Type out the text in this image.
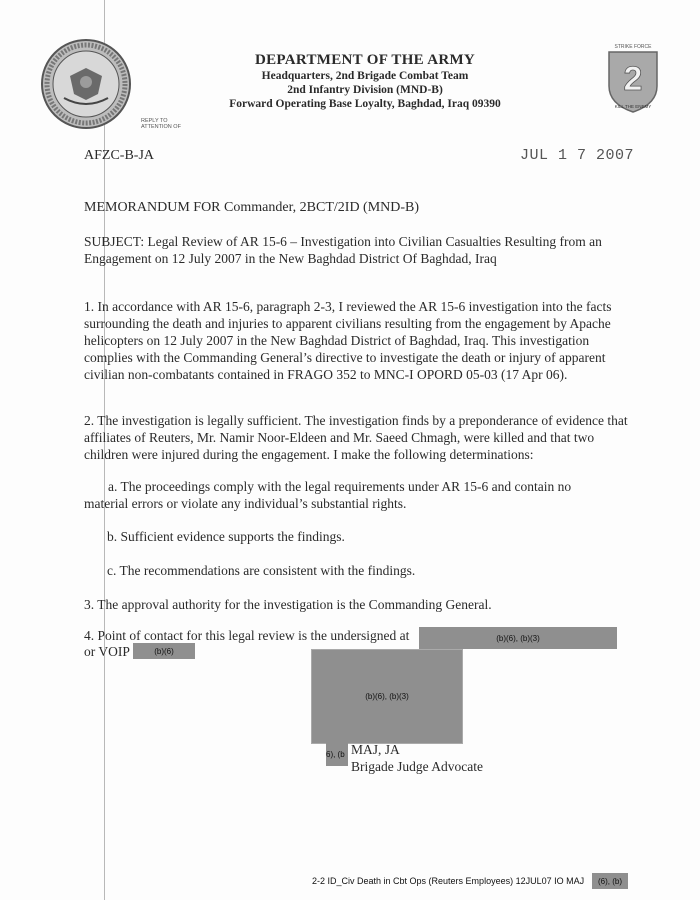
DEPARTMENT OF THE ARMY
Headquarters, 2nd Brigade Combat Team
2nd Infantry Division (MND-B)
Forward Operating Base Loyalty, Baghdad, Iraq 09390
STRIKE FORCE
2
KILL THE ENEMY
REPLY TO
ATTENTION OF
AFZC-B-JA	JUL 1 7 2007
MEMORANDUM FOR Commander, 2BCT/2ID (MND-B)
SUBJECT: Legal Review of AR 15-6 – Investigation into Civilian Casualties Resulting from an Engagement on 12 July 2007 in the New Baghdad District Of Baghdad, Iraq
1. In accordance with AR 15-6, paragraph 2-3, I reviewed the AR 15-6 investigation into the facts surrounding the death and injuries to apparent civilians resulting from the engagement by Apache helicopters on 12 July 2007 in the New Baghdad District of Baghdad, Iraq. This investigation complies with the Commanding General’s directive to investigate the death or injury of apparent civilian non-combatants contained in FRAGO 352 to MNC-I OPORD 05-03 (17 Apr 06).
2. The investigation is legally sufficient. The investigation finds by a preponderance of evidence that affiliates of Reuters, Mr. Namir Noor-Eldeen and Mr. Saeed Chmagh, were killed and that two children were injured during the engagement. I make the following determinations:
a. The proceedings comply with the legal requirements under AR 15-6 and contain no material errors or violate any individual’s substantial rights.
b. Sufficient evidence supports the findings.
c. The recommendations are consistent with the findings.
3. The approval authority for the investigation is the Commanding General.
4. Point of contact for this legal review is the undersigned at
or VOIP
(b)(6), (b)(3)
(b)(6)
(b)(6), (b)(3)
6), (b MAJ, JA
Brigade Judge Advocate
2-2 ID_Civ Death in Cbt Ops (Reuters Employees) 12JUL07 IO MAJ	(6), (b)
